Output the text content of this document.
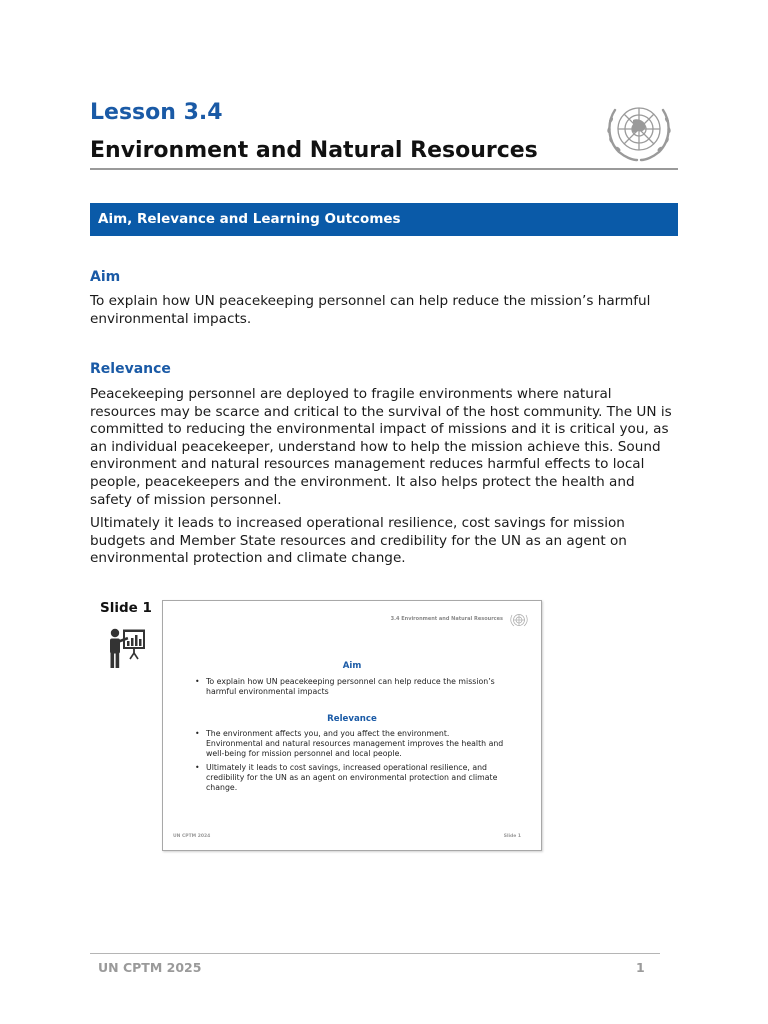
Lesson 3.4
Environment and Natural Resources
Aim, Relevance and Learning Outcomes
Aim

To explain how UN peacekeeping personnel can help reduce the mission’s harmful environmental impacts.

Relevance

Peacekeeping personnel are deployed to fragile environments where natural resources may be scarce and critical to the survival of the host community. The UN is committed to reducing the environmental impact of missions and it is critical you, as an individual peacekeeper, understand how to help the mission achieve this. Sound environment and natural resources management reduces harmful effects to local people, peacekeepers and the environment. It also helps protect the health and safety of mission personnel.

Ultimately it leads to increased operational resilience, cost savings for mission budgets and Member State resources and credibility for the UN as an agent on environmental protection and climate change.

Slide 1
3.4 Environment and Natural Resources
Aim
• To explain how UN peacekeeping personnel can help reduce the mission’s harmful environmental impacts
Relevance
• The environment affects you, and you affect the environment. Environmental and natural resources management improves the health and well-being for mission personnel and local people.
• Ultimately it leads to cost savings, increased operational resilience, and credibility for the UN as an agent on environmental protection and climate change.
UN CPTM 2024	Slide 1
UN CPTM 2025	1
